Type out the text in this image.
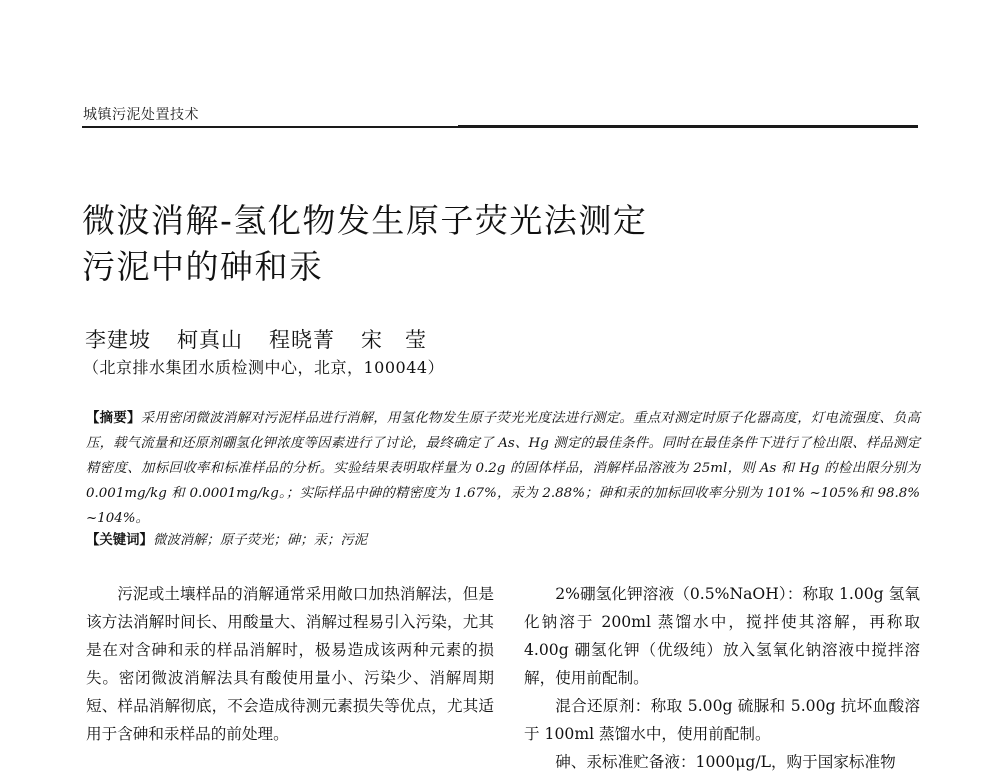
城镇污泥处置技术
微波消解-氢化物发生原子荧光法测定
污泥中的砷和汞
李建坡 柯真山 程晓菁 宋　莹
（北京排水集团水质检测中心，北京，100044）
【摘要】采用密闭微波消解对污泥样品进行消解，用氢化物发生原子荧光光度法进行测定。重点对测定时原子化器高度，灯电流强度、负高压，载气流量和还原剂硼氢化钾浓度等因素进行了讨论，最终确定了 As、Hg 测定的最佳条件。同时在最佳条件下进行了检出限、样品测定精密度、加标回收率和标准样品的分析。实验结果表明取样量为 0.2g 的固体样品，消解样品溶液为 25ml，则 As 和 Hg 的检出限分别为 0.001mg/kg 和 0.0001mg/kg。；实际样品中砷的精密度为 1.67%，汞为 2.88%；砷和汞的加标回收率分别为 101% ~105%和 98.8% ~104%。
【关键词】微波消解；原子荧光；砷；汞；污泥

污泥或土壤样品的消解通常采用敞口加热消解法，但是该方法消解时间长、用酸量大、消解过程易引入污染，尤其是在对含砷和汞的样品消解时，极易造成该两种元素的损失。密闭微波消解法具有酸使用量小、污染少、消解周期短、样品消解彻底，不会造成待测元素损失等优点，尤其适用于含砷和汞样品的前处理。

2%硼氢化钾溶液（0.5%NaOH）：称取 1.00g 氢氧化钠溶于 200ml 蒸馏水中，搅拌使其溶解，再称取 4.00g 硼氢化钾（优级纯）放入氢氧化钠溶液中搅拌溶解，使用前配制。

混合还原剂：称取 5.00g 硫脲和 5.00g 抗坏血酸溶于 100ml 蒸馏水中，使用前配制。

砷、汞标准贮备液：1000μg/L，购于国家标准物
